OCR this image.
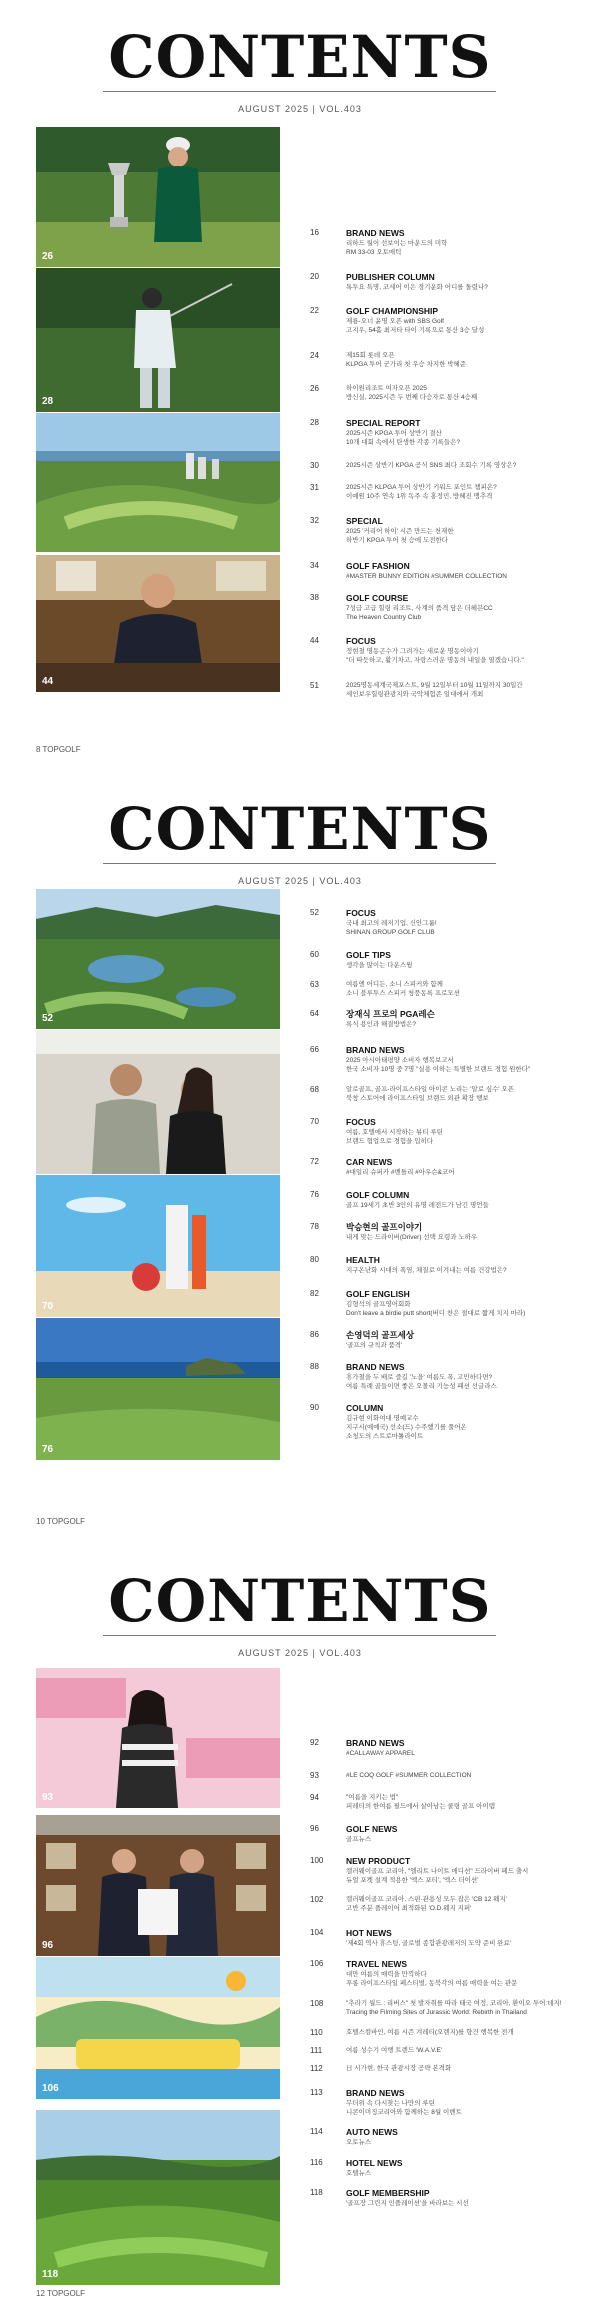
CONTENTS
AUGUST 2025 | VOL.403
26
28
44
16	BRAND NEWS
리하드 월이 선보이는 마운드의 미학
RM 33-03 오토매틱
20	PUBLISHER COLUMN
톡투요 특명, 코세어 이은 경기운화 어디를 돌렸나?
22	GOLF CHAMPIONSHIP
제룡-오너 윤명 오픈 with SBS Golf
고지우, 54홀 최저타 타이 기록으로 통산 3승 달성
24	제15회 롯데 오픈
KLPGA 투어 군가리 첫 우승 차지한 박혜준
26	하이원리조트 여자오픈 2025
방신실, 2025시즌 두 번째 다승자로 통산 4승째
28	SPECIAL REPORT
2025시즌 KPGA 투어 상반기 결산
10개 대회 속에서 탄생한 각종 기록들은?
30	2025시즌 상반기 KPGA 공식 SNS 최다 조회수 기록 영상은?
31	2025시즌 KLPGA 투어 상반기 키워드 포인트 챔피온?
이예원 10주 연속 1위 독주 속 홍정민, 방혜진 맹추격
32	SPECIAL
2025 '커리어 하이' 시즌 만드는 천재한
하반기 KPGA 투어 첫 승에 도전한다
34	GOLF FASHION
#MASTER BUNNY EDITION #SUMMER COLLECTION
38	GOLF COURSE
7성급 고급 힐링 리조트, 사계의 품격 담은 더헤븐CC
The Heaven Country Club
44	FOCUS
정현철 명동곤수가 그려가는 새로운 명동이야기
"더 따듯하고, 활기차고, 자랑스러운 명동의 내일을 열겠습니다."
51	2025명동세계국제포스트, 9월 12일부터 10월 11일까지 30일간
세인보우힐링관광지와 국악체험존 일대에서 개최
8 TOPGOLF
CONTENTS
AUGUST 2025 | VOL.403
52
70
76
52	FOCUS
국내 최고의 레저기업, 신안그룹!
SHINAN GROUP GOLF CLUB
60	GOLF TIPS
생각을 많이는 다운스윙
63	여름엔 어디든, 소니 스피커와 함께
소니 블루투스 스피커 청풍동록 프로모션
64	장재식 프로의 PGA레슨
록식 용인과 해결방법은?
66	BRAND NEWS
2025 아시아태평양 소비자 행복보고서
한국 소비자 10명 중 7명 "실용 이하는 특별한 브랜드 경험 원한다"
68	알로골프, 골프-라이프스타일 아이콘 노리는 '알로 심수' 오픈
북창 스토어에 라이프스타일 브랜드 외관 확장 행보
70	FOCUS
여름, 호텔에서 시작하는 뷰티 루틴
브랜드 협업으로 경험을 입히다
72	CAR NEWS
#대일리 슈퍼카 #벤틀리 #아우슨&코어
76	GOLF COLUMN
골프 19세기 초반 3인의 유명 레전드가 남긴 명언들
78	박승현의 골프이야기
내게 맞는 드라이버(Driver) 선택 요령과 노하우
80	HEALTH
지구온난화 시대의 폭염, 체질로 이겨내는 여름 건강법은?
82	GOLF ENGLISH
김형석의 골프영어회화
Don't leave a birdie putt short(버디 찬은 절대로 짧게 치지 마라)
86	손영덕의 골프세상
'골프의 규칙과 품격'
88	BRAND NEWS
휴가철을 두 배로 즐길 '노을' 여름도 폭, 고민하다면?
여름 특례 골들이면 좋은 오몰리 기능성 패션 선글라스
90	COLUMN
김규현 이화여대 명예교수
지구시(예예국) 선소(드) 수주했기를 풀어온
소청도의 스트로마톨라이트
10 TOPGOLF
CONTENTS
AUGUST 2025 | VOL.403
93
96
106
118
92	BRAND NEWS
#CALLAWAY APPAREL
93	#LE COQ GOLF #SUMMER COLLECTION
94	"여름을 지키는 법"
피레티의 한여름 필드에서 살아남는 쿨링 골프 아이템
96	GOLF NEWS
골프뉴스
100	NEW PRODUCT
캘러웨이골프 코리아, "엘리트 나이트 에디션" 드라이버 페드 출시
듀얼 포켓 설계 적용한 '엑스 포티', '엑스 더이션'
102	캘러웨이골프 코리아, 스핀·관용성 모두 잡은 'CB 12 웨지'
고반 주분 플레이어 최적화된 'O.D.웨지 지퍼'
104	HOT NEWS
'제4회 역사 휴스팅, 골로벌 종합관광레저의 도약 준비 완료'
106	TRAVEL NEWS
대만 여름의 매력을 만끽하다
푸롱 라이프스타일 페스티벌, 동북각의 여름 매력을 여는 관문
108	"추라기 월드 : 리버스" 첫 발자취를 따라 태국 여정, 코리아, 환이오 투어:데지!
Tracing the Filming Sites of Jurassic World: Rebirth in Thailand
110	호텔스컴바인, 여름 시즌 겨레티(오렌지)를 향건 행복한 전개
111	여름 성수기 여행 트렌드 'W.A.V.E'
112	日 시가현, 한국 관광시장 공략 본격화
113	BRAND NEWS
무더위 속 다시찾는 나만의 루틴
니콘이미징코리아와 함께하는 8월 이벤트
114	AUTO NEWS
오토뉴스
116	HOTEL NEWS
호텔뉴스
118	GOLF MEMBERSHIP
'골프장 그린지 인플레이션'을 바라보는 시선
12 TOPGOLF
